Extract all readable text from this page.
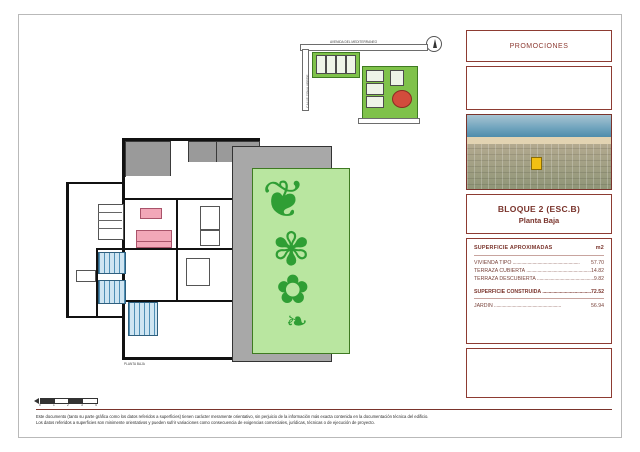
AVENIDA DEL MEDITERRANEO
CALLE ZONA VERDE
❦
✾
✿
❧
PLANTA BAJA
0	1	2	3	4
PROMOCIONES
BLOQUE 2 (ESC.B)
Planta Baja
SUPERFICIE APROXIMADAS	m2
VIVIENDA TIPO .....	57.70
TERRAZA CUBIERTA .....	14.82
TERRAZA DESCUBIERTA .....	9.82
SUPERFICIE CONSTRUIDA .....	72.52
JARDIN .....	56.94

Este documento (tanto su parte gráfica como los datos referidos a superficies) tienen carácter meramente orientativo, sin perjuicio de la información más exacta contenida en la documentación técnica del edificio.

Los datos referidos a superficies son minimente orientativos y pueden sufrir variaciones como consecuencia de exigencias comerciales, jurídicas, técnicas o de ejecución de proyecto.
